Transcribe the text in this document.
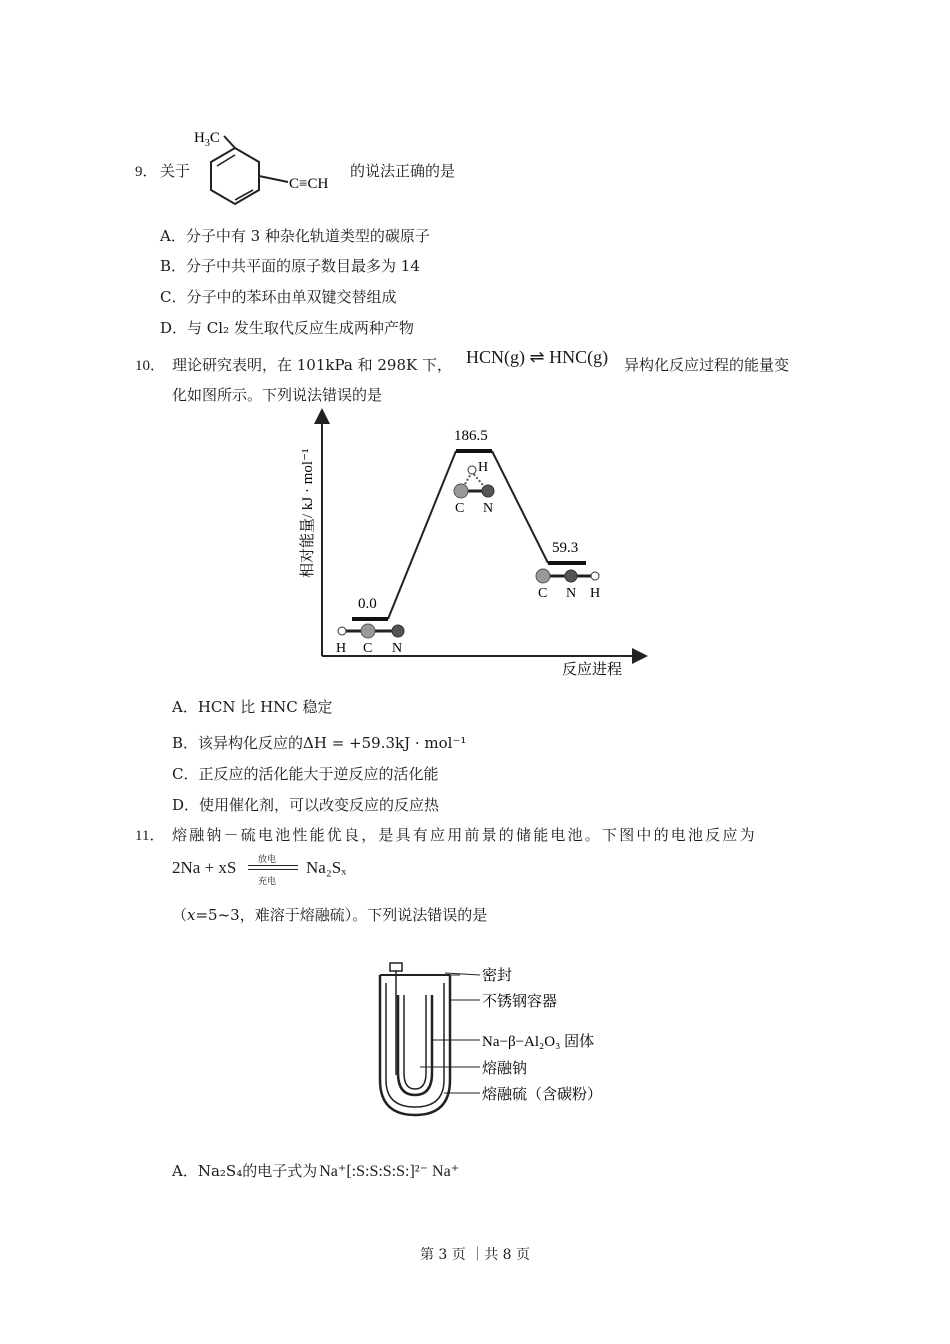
9． 关于
$H_3C$
C≡CH
的说法正确的是
A．分子中有 3 种杂化轨道类型的碳原子
B．分子中共平面的原子数目最多为 14
C．分子中的苯环由单双键交替组成
D．与 Cl₂ 发生取代反应生成两种产物
10． 理论研究表明，在 101kPa 和 298K 下， HCN(g) ⇌ HNC(g) 异构化反应过程的能量变
化如图所示。下列说法错误的是
相对能量/ kJ · mol⁻¹
反应进程
0.0
186.5
59.3
H C N
H
C N
C N H
A．HCN 比 HNC 稳定
B．该异构化反应的ΔH = +59.3kJ · mol⁻¹
C．正反应的活化能大于逆反应的活化能
D．使用催化剂，可以改变反应的反应热
11． 熔融钠－硫电池性能优良，是具有应用前景的储能电池。下图中的电池反应为
2Na + xS 放电
充电
Na₂Sₓ
（x=5~3，难溶于熔融硫）。下列说法错误的是
密封
不锈钢容器
Na−β−Al₂O₃ 固体
熔融钠
熔融硫（含碳粉）
A．Na₂S₄的电子式为 Na⁺[:S:S:S:S:]²⁻ Na⁺
第 3 页 ｜共 8 页
